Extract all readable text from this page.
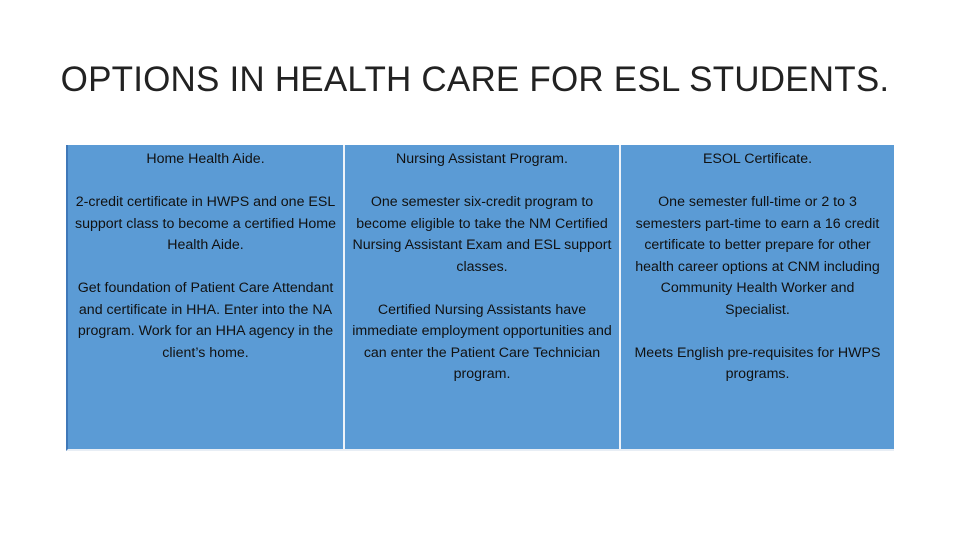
OPTIONS IN HEALTH CARE FOR ESL STUDENTS.
Home Health Aide.

2-credit certificate in HWPS and one ESL support class to become a certified Home Health Aide.

Get foundation of Patient Care Attendant and certificate in HHA. Enter into the NA program. Work for an HHA agency in the client’s home.

Nursing Assistant Program.

One semester six-credit program to become eligible to take the NM Certified Nursing Assistant Exam and ESL support classes.

Certified Nursing Assistants have immediate employment opportunities and can enter the Patient Care Technician program.

ESOL Certificate.

One semester full-time or 2 to 3 semesters part-time to earn a 16 credit certificate to better prepare for other health career options at CNM including Community Health Worker and Specialist.

Meets English pre-requisites for HWPS programs.
